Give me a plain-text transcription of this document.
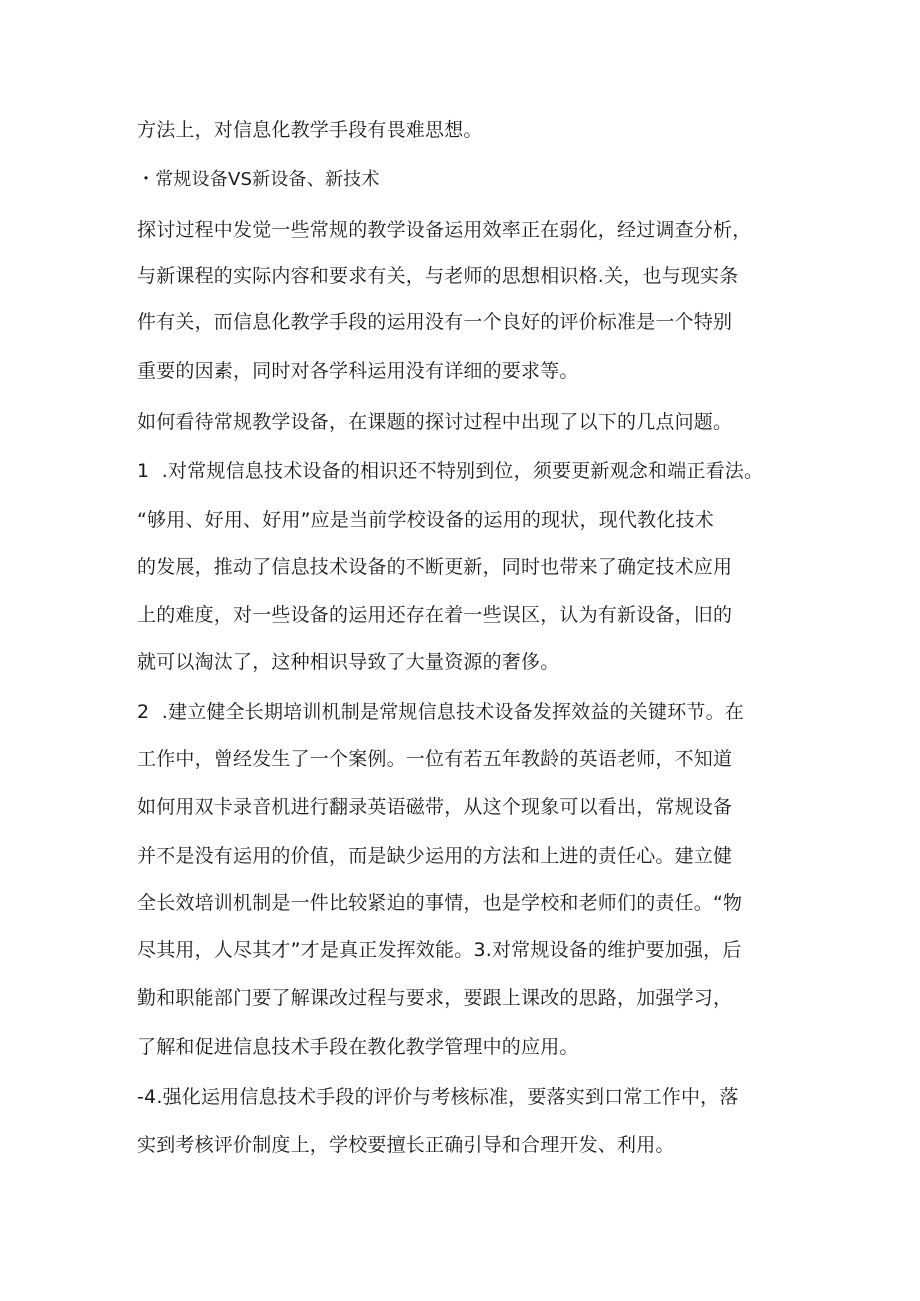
方法上，对信息化教学手段有畏难思想。
・常规设备VS新设备、新技术
探讨过程中发觉一些常规的教学设备运用效率正在弱化，经过调查分析，
与新课程的实际内容和要求有关，与老师的思想相识格.关，也与现实条
件有关，而信息化教学手段的运用没有一个良好的评价标准是一个特别
重要的因素，同时对各学科运用没有详细的要求等。
如何看待常规教学设备，在课题的探讨过程中出现了以下的几点问题。
1  .对常规信息技术设备的相识还不特别到位，须要更新观念和端正看法。
“够用、好用、好用”应是当前学校设备的运用的现状，现代教化技术
的发展，推动了信息技术设备的不断更新，同时也带来了确定技术应用
上的难度，对一些设备的运用还存在着一些误区，认为有新设备，旧的
就可以淘汰了，这种相识导致了大量资源的奢侈。
2  .建立健全长期培训机制是常规信息技术设备发挥效益的关键环节。在
工作中，曾经发生了一个案例。一位有若五年教龄的英语老师，不知道
如何用双卡录音机进行翻录英语磁带，从这个现象可以看出，常规设备
并不是没有运用的价值，而是缺少运用的方法和上进的责任心。建立健
全长效培训机制是一件比较紧迫的事情，也是学校和老师们的责任。“物
尽其用，人尽其才”才是真正发挥效能。3.对常规设备的维护要加强，后
勤和职能部门要了解课改过程与要求，要跟上课改的思路，加强学习，
了解和促进信息技术手段在教化教学管理中的应用。
-4.强化运用信息技术手段的评价与考核标准，要落实到口常工作中，落
实到考核评价制度上，学校要擅长正确引导和合理开发、利用。
